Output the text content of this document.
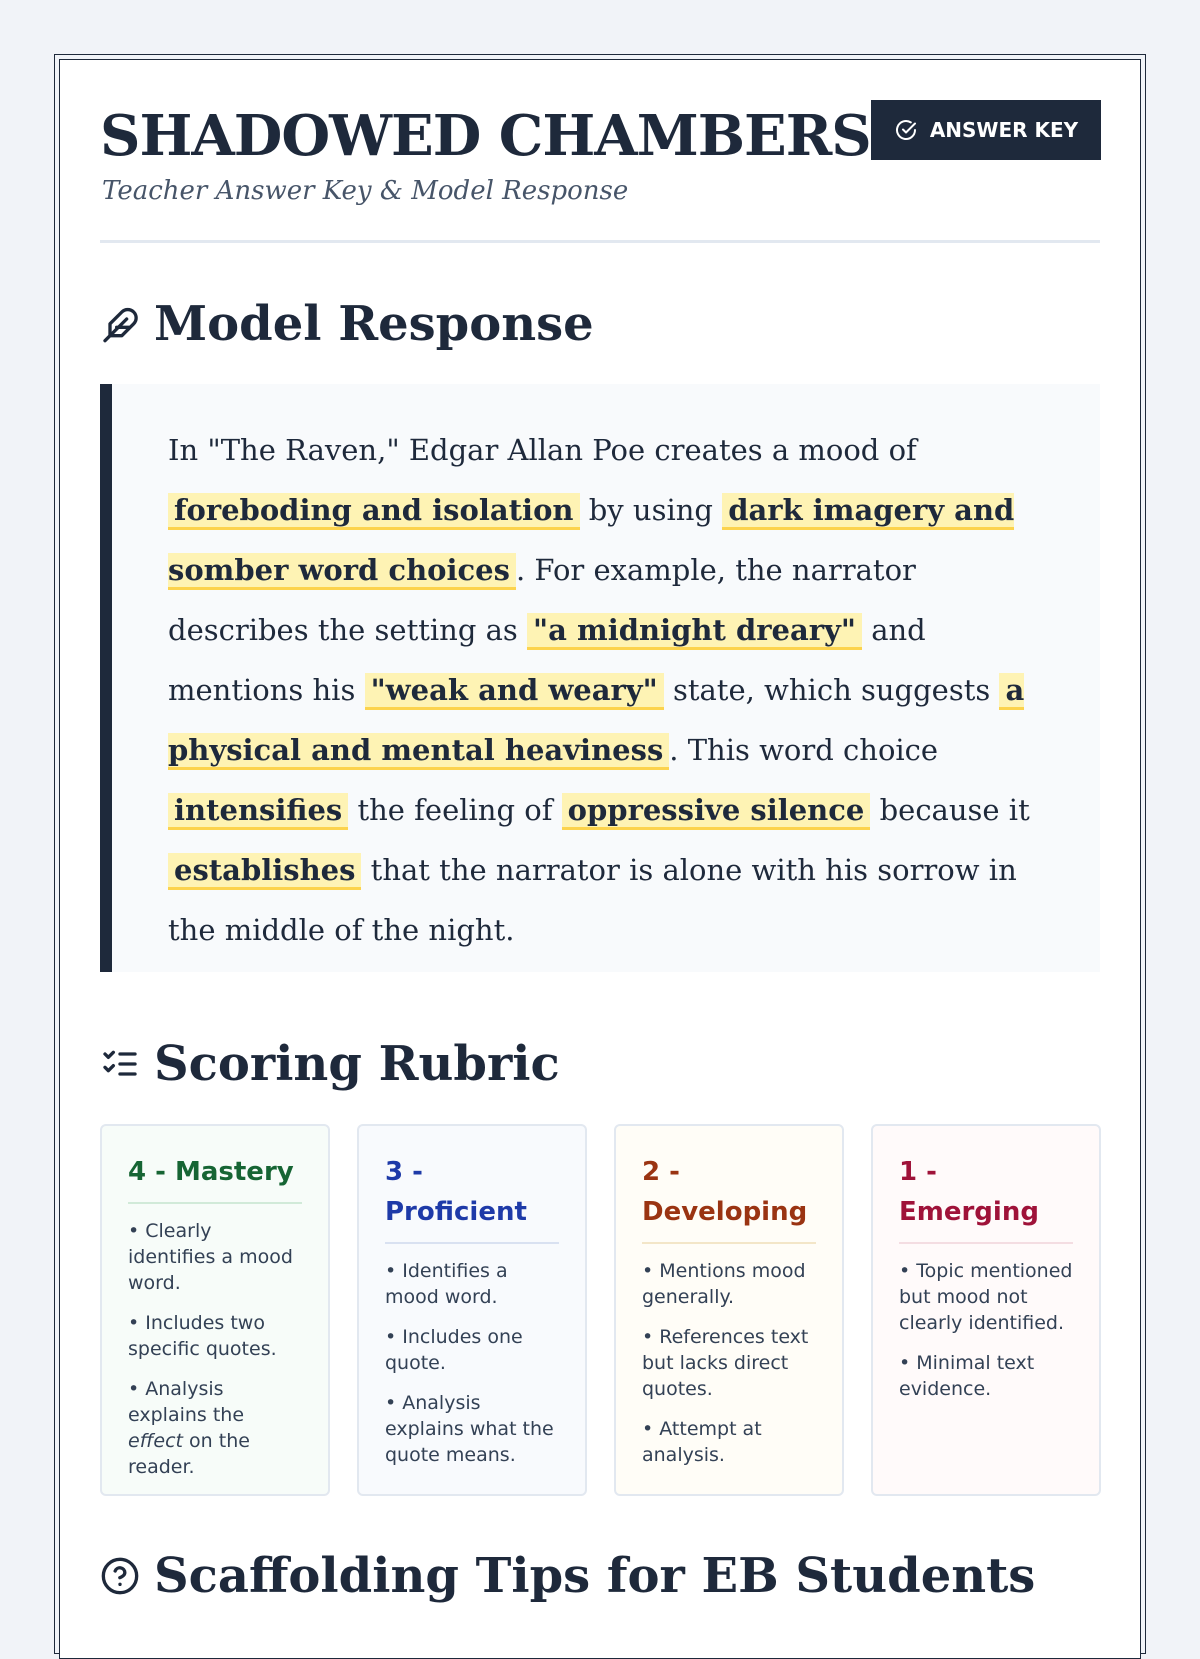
SHADOWED CHAMBERS
Teacher Answer Key & Model Response
ANSWER KEY
Model Response
In "The Raven," Edgar Allan Poe creates a mood of foreboding and isolation by using dark imagery and somber word choices . For example, the narrator describes the setting as "a midnight dreary" and mentions his "weak and weary" state, which suggests a physical and mental heaviness . This word choice intensifies the feeling of oppressive silence because it establishes that the narrator is alone with his sorrow in the middle of the night.
Scoring Rubric
4 - Mastery
• Clearly identifies a mood word.
• Includes two specific quotes.
• Analysis explains the effect on the reader.
3 - Proficient
• Identifies a mood word.
• Includes one quote.
• Analysis explains what the quote means.
2 - Developing
• Mentions mood generally.
• References text but lacks direct quotes.
• Attempt at analysis.
1 - Emerging
• Topic mentioned but mood not clearly identified.
• Minimal text evidence.
Scaffolding Tips for EB Students
